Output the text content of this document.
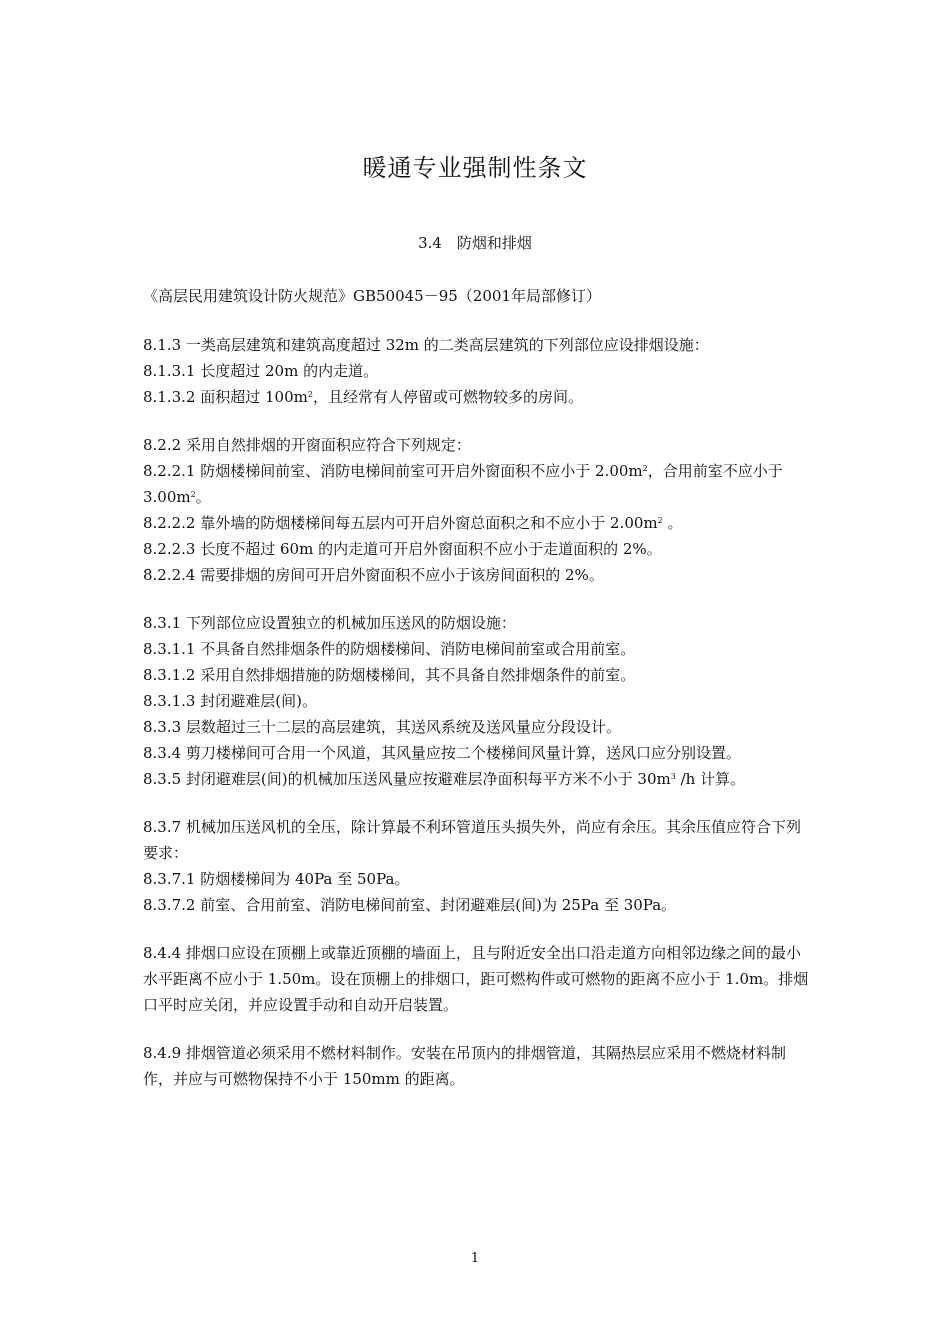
暖通专业强制性条文
3.4　防烟和排烟
《高层民用建筑设计防火规范》GB50045－95（2001年局部修订）

8.1.3 一类高层建筑和建筑高度超过 32m 的二类高层建筑的下列部位应设排烟设施：

8.1.3.1 长度超过 20m 的内走道。

8.1.3.2 面积超过 $100m^2$，且经常有人停留或可燃物较多的房间。

8.2.2 采用自然排烟的开窗面积应符合下列规定：

8.2.2.1 防烟楼梯间前室、消防电梯间前室可开启外窗面积不应小于 $2.00m^2$，合用前室不应小于 $3.00m^2$。

8.2.2.2 靠外墙的防烟楼梯间每五层内可开启外窗总面积之和不应小于 $2.00m^2$ 。

8.2.2.3 长度不超过 60m 的内走道可开启外窗面积不应小于走道面积的 2%。

8.2.2.4 需要排烟的房间可开启外窗面积不应小于该房间面积的 2%。

8.3.1 下列部位应设置独立的机械加压送风的防烟设施：

8.3.1.1 不具备自然排烟条件的防烟楼梯间、消防电梯间前室或合用前室。

8.3.1.2 采用自然排烟措施的防烟楼梯间，其不具备自然排烟条件的前室。

8.3.1.3 封闭避难层(间)。

8.3.3 层数超过三十二层的高层建筑，其送风系统及送风量应分段设计。

8.3.4 剪刀楼梯间可合用一个风道，其风量应按二个楼梯间风量计算，送风口应分别设置。

8.3.5 封闭避难层(间)的机械加压送风量应按避难层净面积每平方米不小于 $30m^3$ /h 计算。

8.3.7 机械加压送风机的全压，除计算最不利环管道压头损失外，尚应有余压。其余压值应符合下列要求：

8.3.7.1 防烟楼梯间为 40Pa 至 50Pa。

8.3.7.2 前室、合用前室、消防电梯间前室、封闭避难层(间)为 25Pa 至 30Pa。

8.4.4 排烟口应设在顶棚上或靠近顶棚的墙面上，且与附近安全出口沿走道方向相邻边缘之间的最小水平距离不应小于 1.50m。设在顶棚上的排烟口，距可燃构件或可燃物的距离不应小于 1.0m。排烟口平时应关闭，并应设置手动和自动开启装置。

8.4.9 排烟管道必须采用不燃材料制作。安装在吊顶内的排烟管道，其隔热层应采用不燃烧材料制作，并应与可燃物保持不小于 150mm 的距离。

1
